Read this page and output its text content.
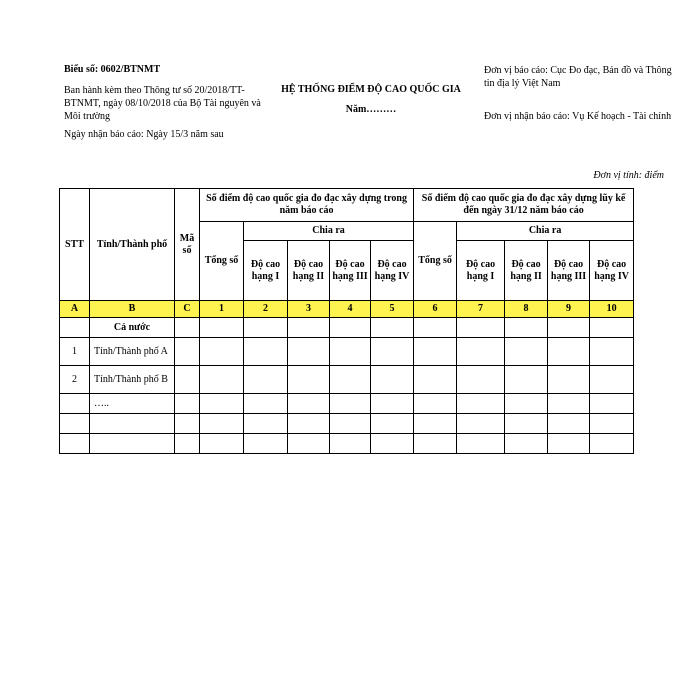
Biểu số: 0602/BTNMT
Ban hành kèm theo Thông tư số 20/2018/TT-BTNMT, ngày 08/10/2018 của Bộ Tài nguyên và Môi trường
Ngày nhận báo cáo: Ngày 15/3 năm sau
HỆ THỐNG ĐIỂM ĐỘ CAO QUỐC GIA
Năm………
Đơn vị báo cáo: Cục Đo đạc, Bản đồ và Thông tin địa lý Việt Nam
Đơn vị nhận báo cáo: Vụ Kế hoạch - Tài chính
Đơn vị tính: điểm
STT	Tỉnh/Thành phố	Mã số	Số điểm độ cao quốc gia đo đạc xây dựng trong năm báo cáo					Số điểm độ cao quốc gia đo đạc xây dựng lũy kế đến ngày 31/12 năm báo cáo				
			Tổng số	Chia ra				Tổng số	Chia ra			
				Độ cao hạng I	Độ cao hạng II	Độ cao hạng III	Độ cao hạng IV		Độ cao hạng I	Độ cao hạng II	Độ cao hạng III	Độ cao hạng IV
A	B	C	1	2	3	4	5	6	7	8	9	10
	Cả nước											
1	Tỉnh/Thành phố A											
2	Tỉnh/Thành phố B											
	…..											
